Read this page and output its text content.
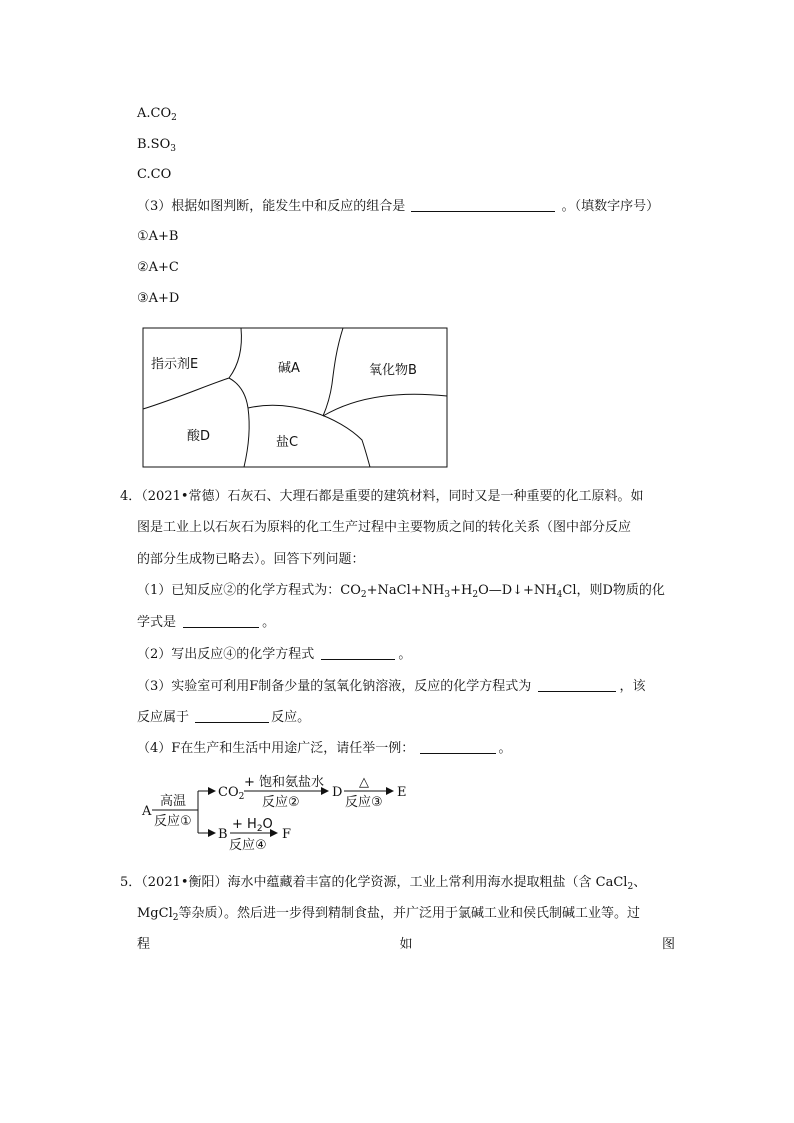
$A.CO_2$
$B.SO_3$
C.CO
（3）根据如图判断，能发生中和反应的组合是	。（填数字序号）
①A+B
②A+C
③A+D
指示剂E	碱A	氧化物B
酸D	盐C
4．（2021•常德）石灰石、大理石都是重要的建筑材料，同时又是一种重要的化工原料。如
图是工业上以石灰石为原料的化工生产过程中主要物质之间的转化关系（图中部分反应
的部分生成物已略去）。回答下列问题：
（1）已知反应②的化学方程式为：$CO_2+NaCl+NH_3+H_2O—D↓+NH_4Cl$，则D物质的化
学式是	。
（2）写出反应④的化学方程式	。
（3）实验室可利用F制备少量的氢氧化钠溶液，反应的化学方程式为	，该
反应属于	反应。
（4）F在生产和生活中用途广泛，请任举一例：	。
A
高温
反应①
$CO_2$
+ 饱和氨盐水
反应②
D
△
反应③
E
B
+ $H_2O$
反应④
F
5．（2021•衡阳）海水中蕴藏着丰富的化学资源，工业上常利用海水提取粗盐（含 CaCl$_2$、
MgCl$_2$等杂质）。然后进一步得到精制食盐，并广泛用于氯碱工业和侯氏制碱工业等。过
程	如	图
